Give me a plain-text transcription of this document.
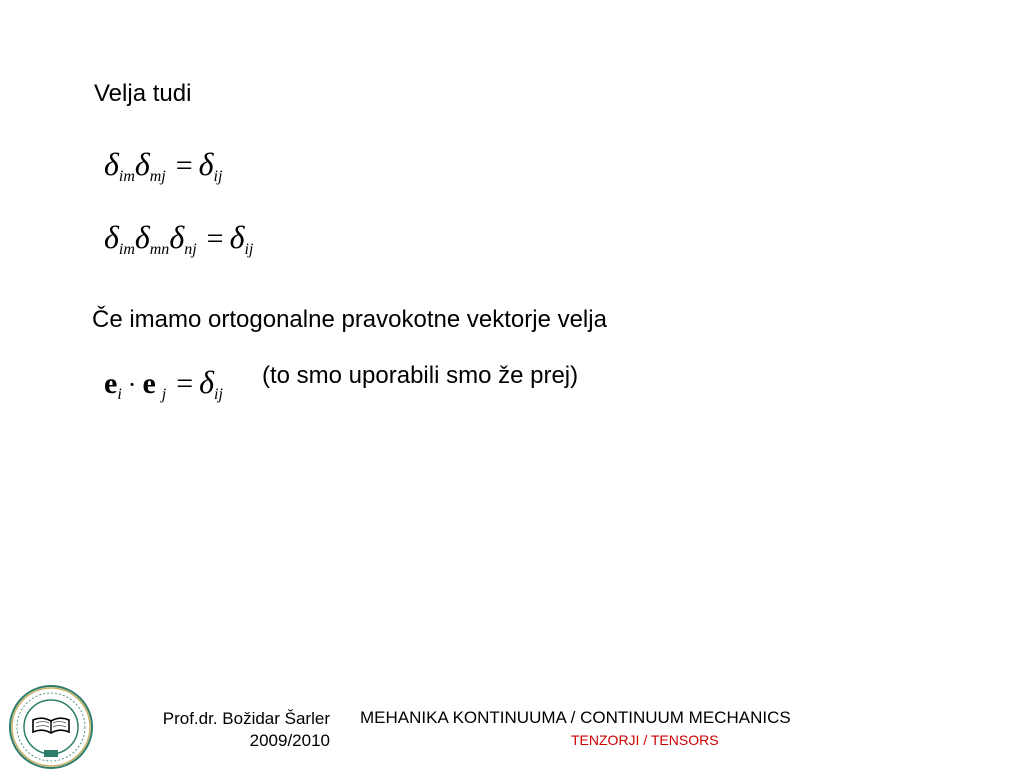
Velja tudi
δimδmj = δij
δimδmnδnj = δij
Če imamo ortogonalne pravokotne vektorje velja
ei · e j = δij
(to smo uporabili smo že prej)
Prof.dr. Božidar Šarler
2009/2010
MEHANIKA KONTINUUMA / CONTINUUM MECHANICS
TENZORJI / TENSORS
